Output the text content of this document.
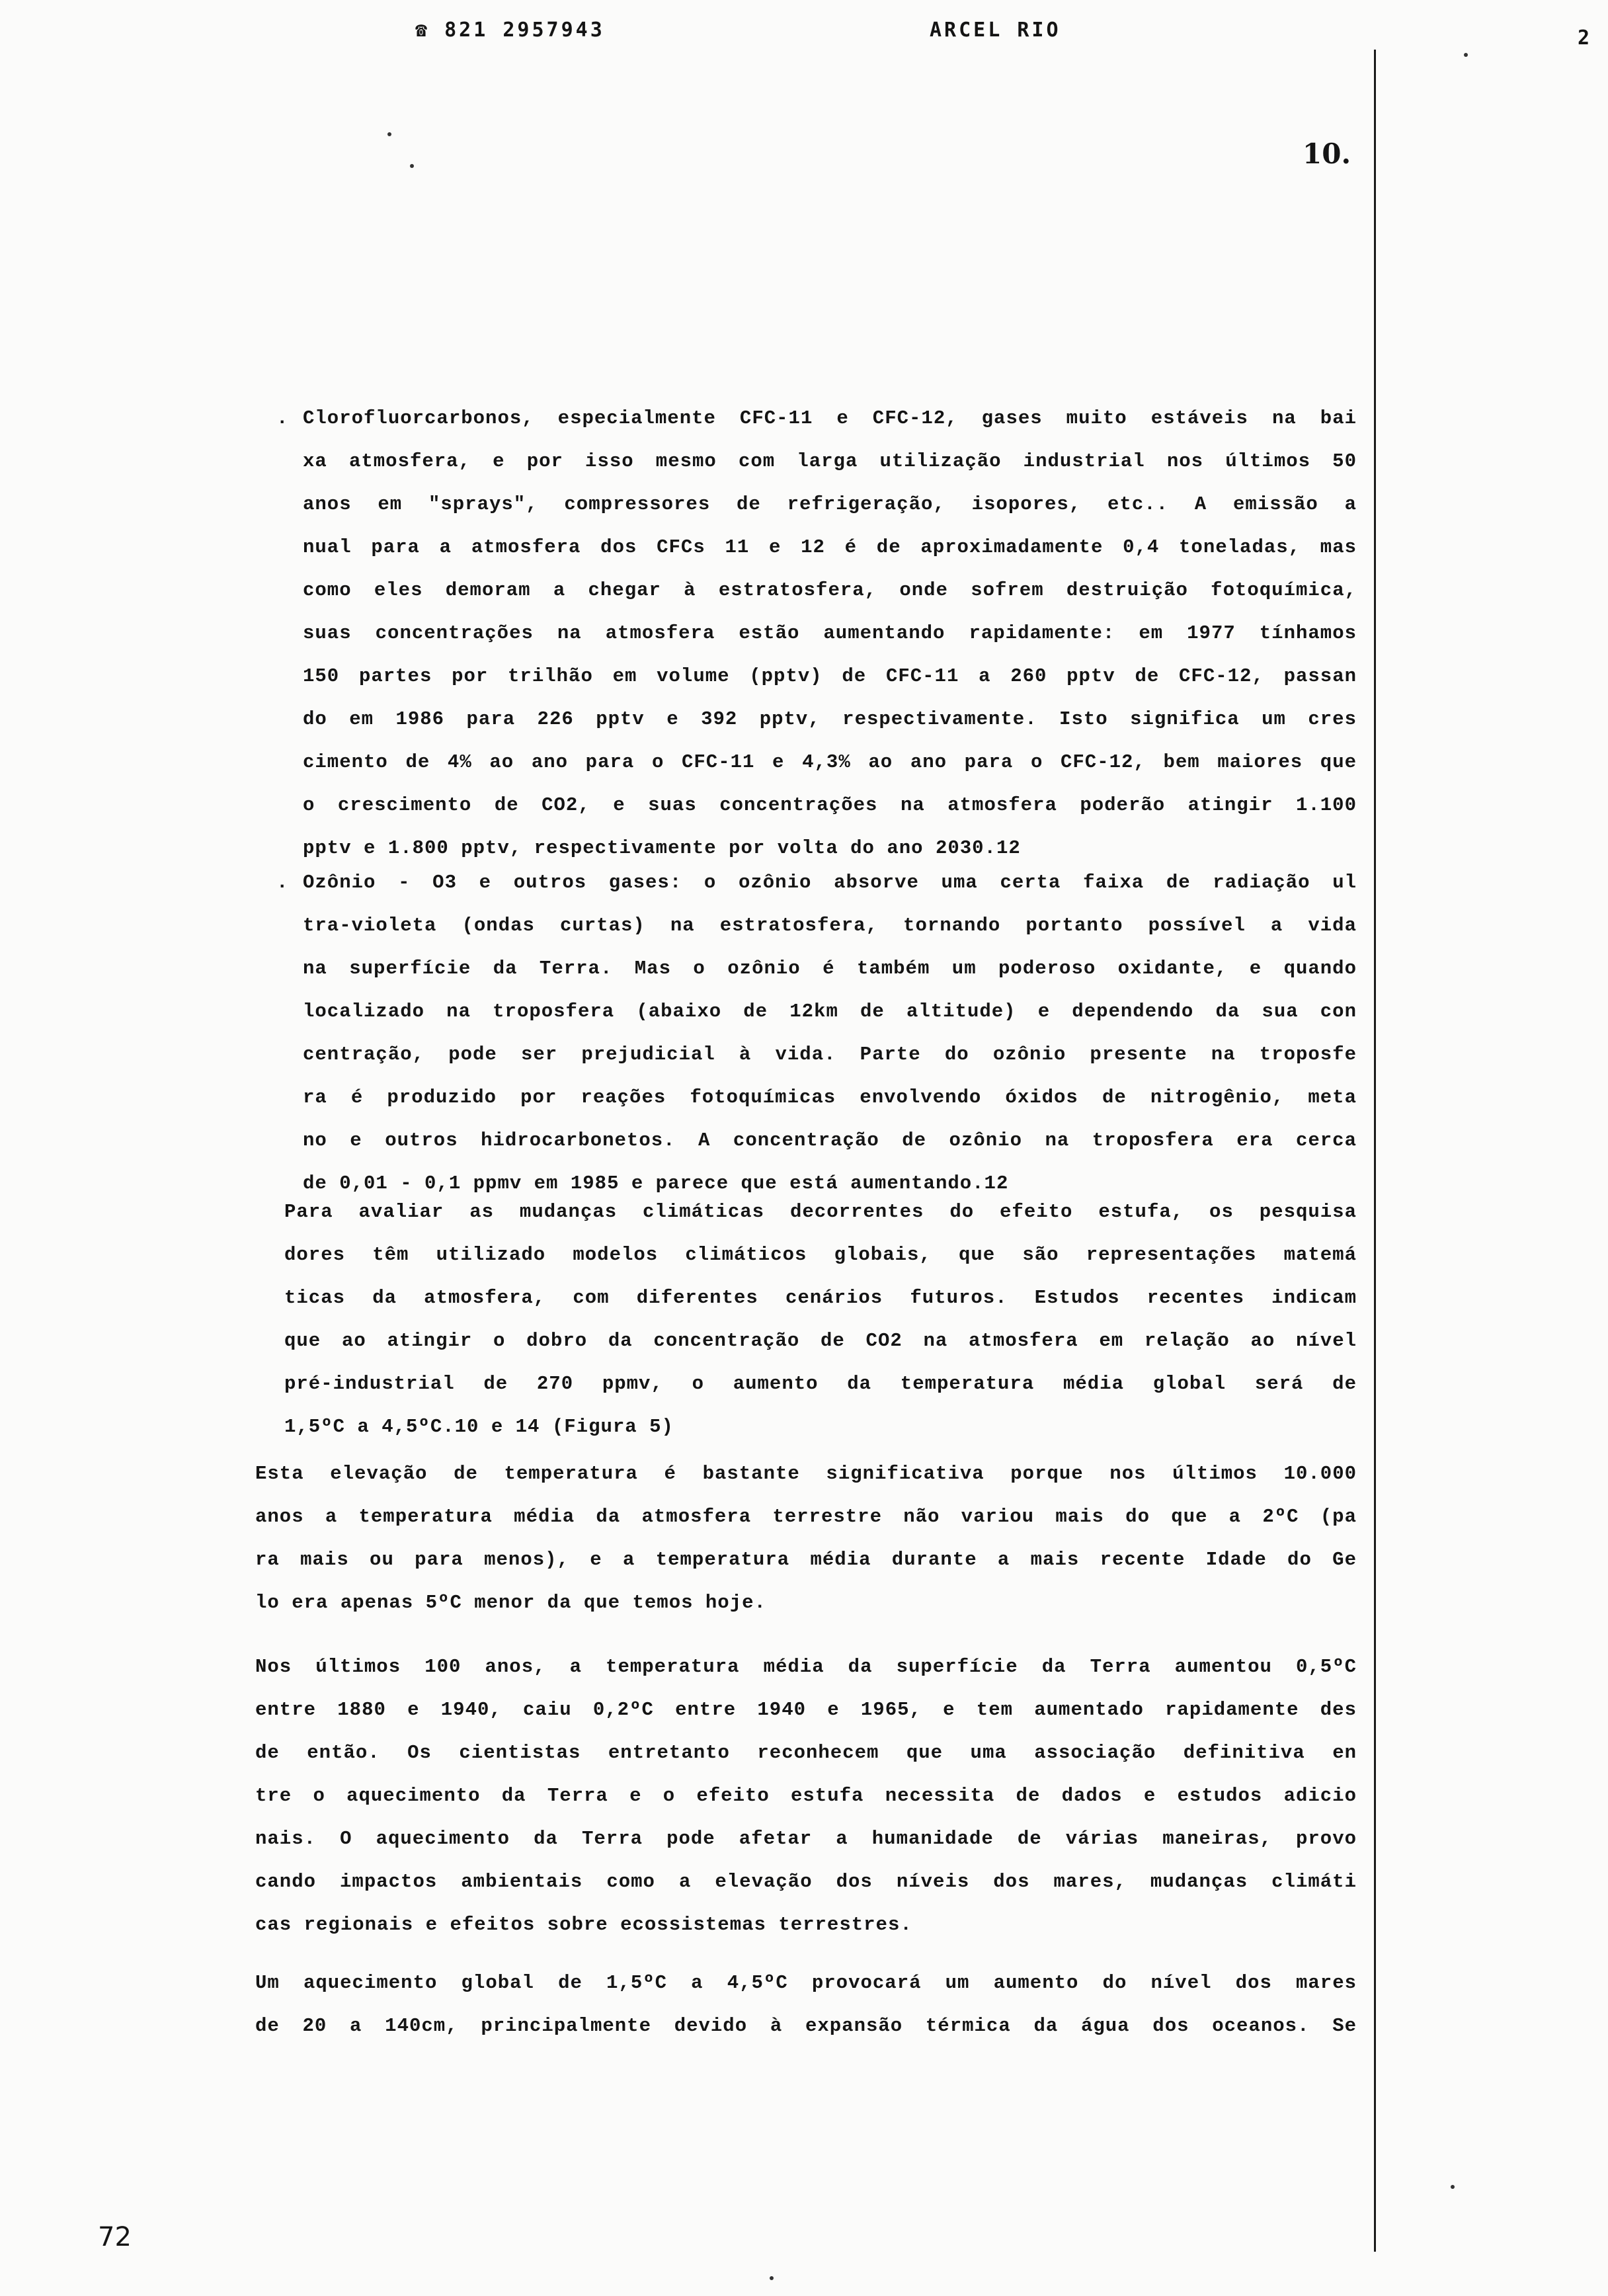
☎ 821 2957943	ARCEL RIO	2
10.
. Clorofluorcarbonos, especialmente CFC-11 e CFC-12, gases muito estáveis na bai
xa atmosfera, e por isso mesmo com larga utilização industrial nos últimos 50
anos em "sprays", compressores de refrigeração, isopores, etc.. A emissão a
nual para a atmosfera dos CFCs 11 e 12 é de aproximadamente 0,4 toneladas, mas
como eles demoram a chegar à estratosfera, onde sofrem destruição fotoquímica,
suas concentrações na atmosfera estão aumentando rapidamente: em 1977 tínhamos
150 partes por trilhão em volume (pptv) de CFC-11 a 260 pptv de CFC-12, passan
do em 1986 para 226 pptv e 392 pptv, respectivamente. Isto significa um cres
cimento de 4% ao ano para o CFC-11 e 4,3% ao ano para o CFC-12, bem maiores que
o crescimento de CO2, e suas concentrações na atmosfera poderão atingir 1.100
pptv e 1.800 pptv, respectivamente por volta do ano 2030.12
. Ozônio - O3 e outros gases: o ozônio absorve uma certa faixa de radiação ul
tra-violeta (ondas curtas) na estratosfera, tornando portanto possível a vida
na superfície da Terra. Mas o ozônio é também um poderoso oxidante, e quando
localizado na troposfera (abaixo de 12km de altitude) e dependendo da sua con
centração, pode ser prejudicial à vida. Parte do ozônio presente na troposfe
ra é produzido por reações fotoquímicas envolvendo óxidos de nitrogênio, meta
no e outros hidrocarbonetos. A concentração de ozônio na troposfera era cerca
de 0,01 - 0,1 ppmv em 1985 e parece que está aumentando.12
Para avaliar as mudanças climáticas decorrentes do efeito estufa, os pesquisa
dores têm utilizado modelos climáticos globais, que são representações matemá
ticas da atmosfera, com diferentes cenários futuros. Estudos recentes indicam
que ao atingir o dobro da concentração de CO2 na atmosfera em relação ao nível
pré-industrial de 270 ppmv, o aumento da temperatura média global será de
1,5ºC a 4,5ºC.10 e 14 (Figura 5)
Esta elevação de temperatura é bastante significativa porque nos últimos 10.000
anos a temperatura média da atmosfera terrestre não variou mais do que a 2ºC (pa
ra mais ou para menos), e a temperatura média durante a mais recente Idade do Ge
lo era apenas 5ºC menor da que temos hoje.
Nos últimos 100 anos, a temperatura média da superfície da Terra aumentou 0,5ºC
entre 1880 e 1940, caiu 0,2ºC entre 1940 e 1965, e tem aumentado rapidamente des
de então. Os cientistas entretanto reconhecem que uma associação definitiva en
tre o aquecimento da Terra e o efeito estufa necessita de dados e estudos adicio
nais. O aquecimento da Terra pode afetar a humanidade de várias maneiras, provo
cando impactos ambientais como a elevação dos níveis dos mares, mudanças climáti
cas regionais e efeitos sobre ecossistemas terrestres.
Um aquecimento global de 1,5ºC a 4,5ºC provocará um aumento do nível dos mares
de 20 a 140cm, principalmente devido à expansão térmica da água dos oceanos. Se
72
